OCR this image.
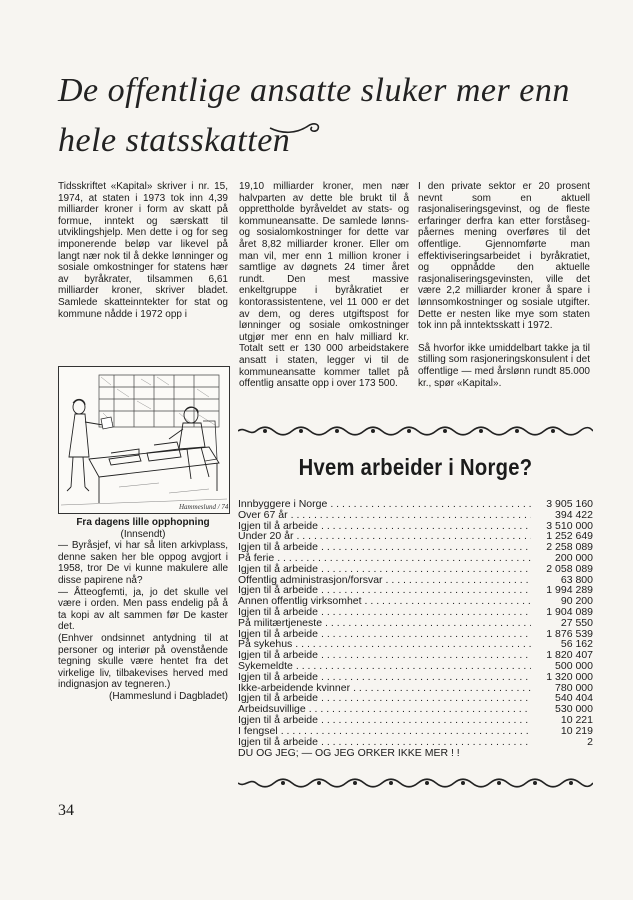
De offentlige ansatte sluker mer enn hele statsskatten

Tidsskriftet «Kapital» skriver i nr. 15, 1974, at staten i 1973 tok inn 4,39 milliarder kroner i form av skatt på formue, inntekt og særskatt til utviklingshjelp. Men dette i og for seg imponerende beløp var likevel på langt nær nok til å dekke lønninger og sosiale omkostninger for statens hær av byråkrater, tilsammen 6,61 milliarder kroner, skriver bladet. Samlede skatteinntekter for stat og kommune nådde i 1972 opp i

19,10 milliarder kroner, men nær halvparten av dette ble brukt til å opprettholde byråveldet av stats- og kommuneansatte. De samlede lønns- og sosialomkostninger for dette var året 8,82 milliarder kroner. Eller om man vil, mer enn 1 million kroner i samtlige av døgnets 24 timer året rundt. Den mest massive enkeltgruppe i byråkratiet er kontorassistentene, vel 11 000 er det av dem, og deres utgiftspost for lønninger og sosiale omkostninger utgjør mer enn en halv milliard kr. Totalt sett er 130 000 arbeidstakere ansatt i staten, legger vi til de kommuneansatte kommer tallet på offentlig ansatte opp i over 173 500.

I den private sektor er 20 prosent nevnt som en aktuell rasjonaliseringsgevinst, og de fleste erfaringer derfra kan etter forståseg-påernes mening overføres til det offentlige. Gjennomførte man effektiviseringsarbeidet i byråkratiet, og oppnådde den aktuelle rasjonaliseringsgevinsten, ville det være 2,2 milliarder kroner å spare i lønnsomkostninger og sosiale utgifter. Dette er nesten like mye som staten tok inn på inntektsskatt i 1972.

Så hvorfor ikke umiddelbart takke ja til stilling som rasjoneringskonsulent i det offentlige — med årslønn rundt 85.000 kr., spør «Kapital».

Hammeslund / 74
Fra dagens lille opphopning
(Innsendt)

— Byråsjef, vi har så liten arkivplass, denne saken her ble oppog avgjort i 1958, tror De vi kunne makulere alle disse papirene nå?

— Åtteogfemti, ja, jo det skulle vel være i orden. Men pass endelig på å ta kopi av alt sammen før De kaster det.

(Enhver ondsinnet antydning til at personer og interiør på ovenstående tegning skulle være hentet fra det virkelige liv, tilbakevises herved med indignasjon av tegneren.)

(Hammeslund i Dagbladet)

Hvem arbeider i Norge?
Innbyggere i Norge . . .	3 905 160
Over 67 år . . .	394 422
Igjen til å arbeide . . .	3 510 000
Under 20 år . . .	1 252 649
Igjen til å arbeide . . .	2 258 089
På ferie . . .	200 000
Igjen til å arbeide . . .	2 058 089
Offentlig administrasjon/forsvar . . .	63 800
Igjen til å arbeide . . .	1 994 289
Annen offentlig virksomhet . . .	90 200
Igjen til å arbeide . . .	1 904 089
På militærtjeneste . . .	27 550
Igjen til å arbeide . . .	1 876 539
På sykehus . . .	56 162
Igjen til å arbeide . . .	1 820 407
Sykemeldte . . .	500 000
Igjen til å arbeide . . .	1 320 000
Ikke-arbeidende kvinner . . .	780 000
Igjen til å arbeide . . .	540 404
Arbeidsuvillige . . .	530 000
Igjen til å arbeide . . .	10 221
I fengsel . . .	10 219
Igjen til å arbeide . . .	2
DU OG JEG; — OG JEG ORKER IKKE MER ! !
34
